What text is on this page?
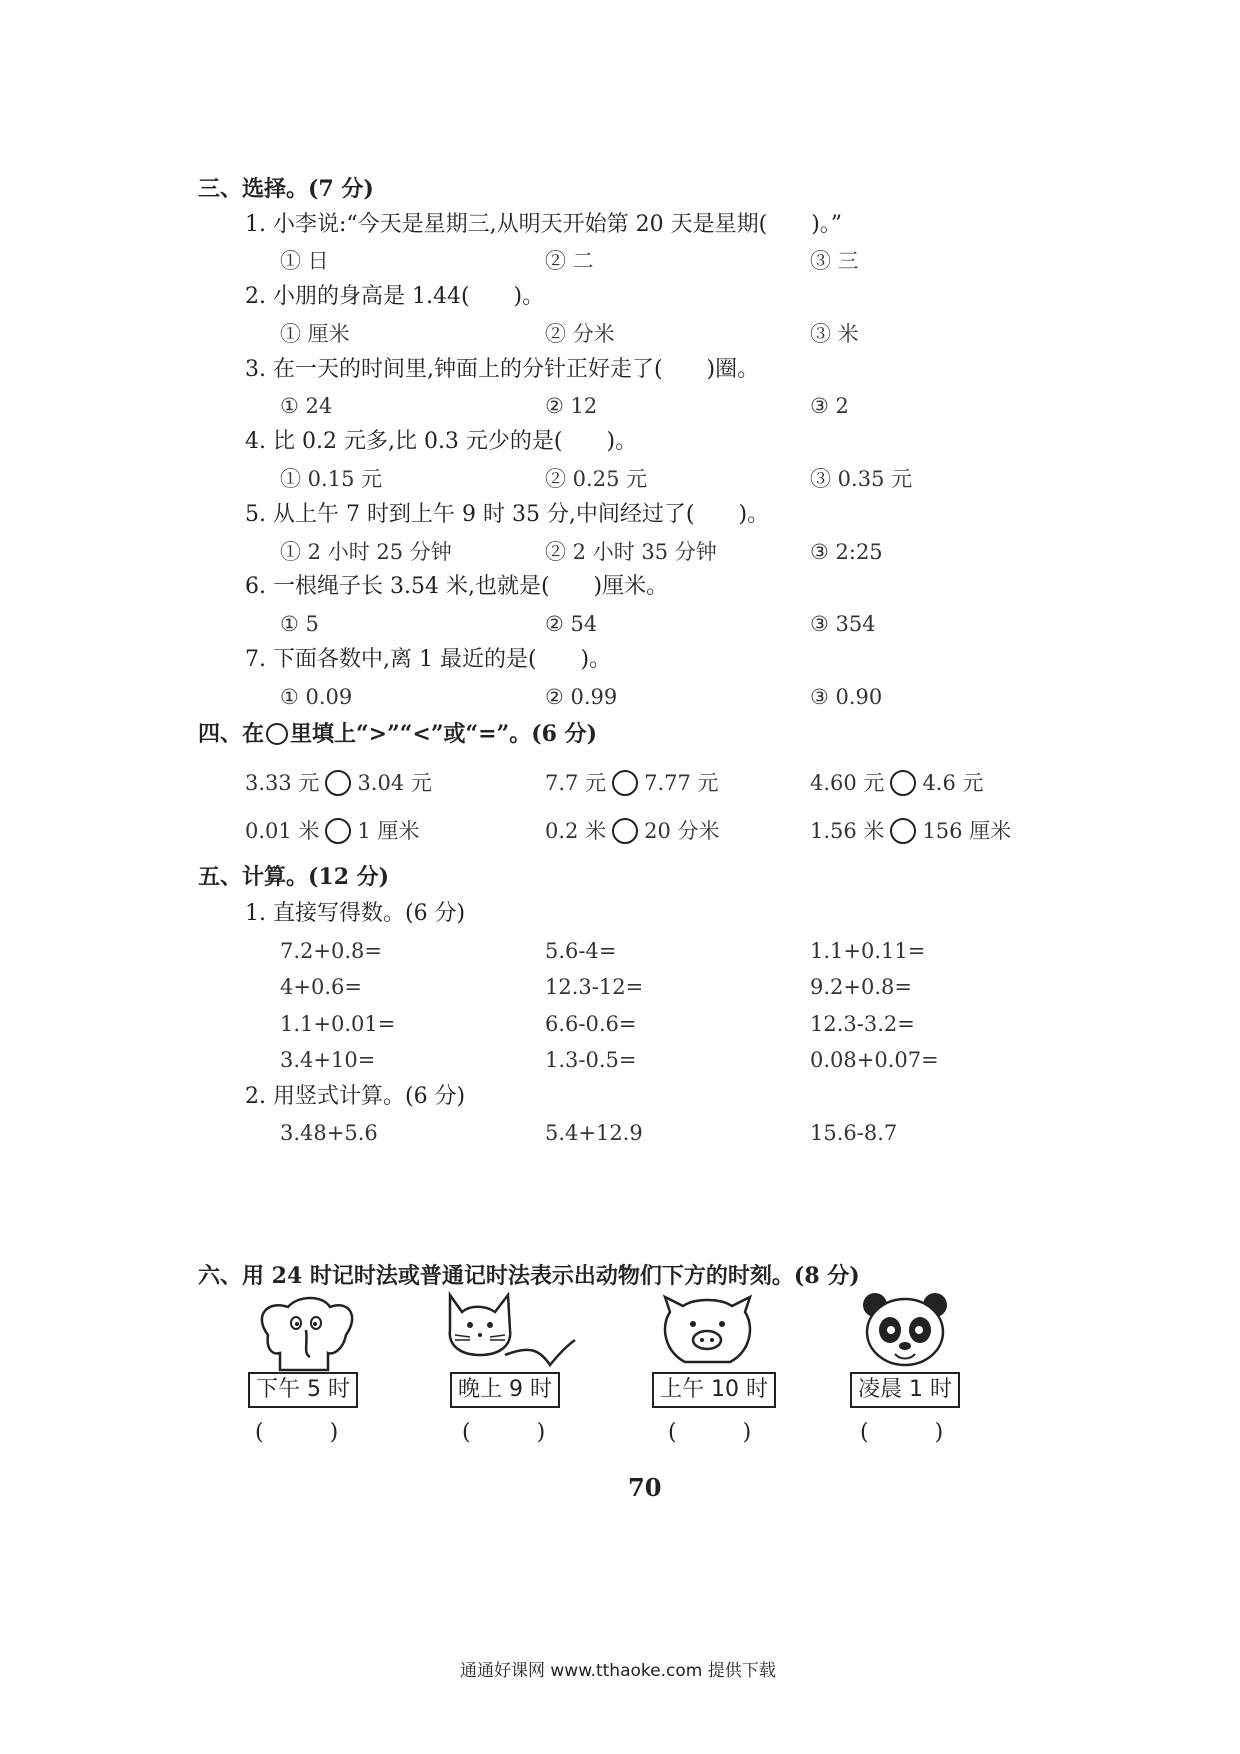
三、选择。(7 分)
1. 小李说:“今天是星期三,从明天开始第 20 天是星期(　　)。”
① 日	② 二	③ 三
2. 小朋的身高是 1.44(　　)。
① 厘米	② 分米	③ 米
3. 在一天的时间里,钟面上的分针正好走了(　　)圈。
① 24	② 12	③ 2
4. 比 0.2 元多,比 0.3 元少的是(　　)。
① 0.15 元	② 0.25 元	③ 0.35 元
5. 从上午 7 时到上午 9 时 35 分,中间经过了(　　)。
① 2 小时 25 分钟	② 2 小时 35 分钟	③ 2:25
6. 一根绳子长 3.54 米,也就是(　　)厘米。
① 5	② 54	③ 354
7. 下面各数中,离 1 最近的是(　　)。
① 0.09	② 0.99	③ 0.90
四、在 里填上“>”“<”或“=”。(6 分)
3.33 元 3.04 元	7.7 元 7.77 元	4.60 元 4.6 元
0.01 米 1 厘米	0.2 米 20 分米	1.56 米 156 厘米
五、计算。(12 分)
1. 直接写得数。(6 分)
7.2+0.8=	5.6-4=	1.1+0.11=
4+0.6=	12.3-12=	9.2+0.8=
1.1+0.01=	6.6-0.6=	12.3-3.2=
3.4+10=	1.3-0.5=	0.08+0.07=
2. 用竖式计算。(6 分)
3.48+5.6	5.4+12.9	15.6-8.7
六、用 24 时记时法或普通记时法表示出动物们下方的时刻。(8 分)
下午 5 时
(　　　)
晚上 9 时
(　　　)
上午 10 时
(　　　)
凌晨 1 时
(　　　)
70
通通好课网 www.tthaoke.com 提供下载
